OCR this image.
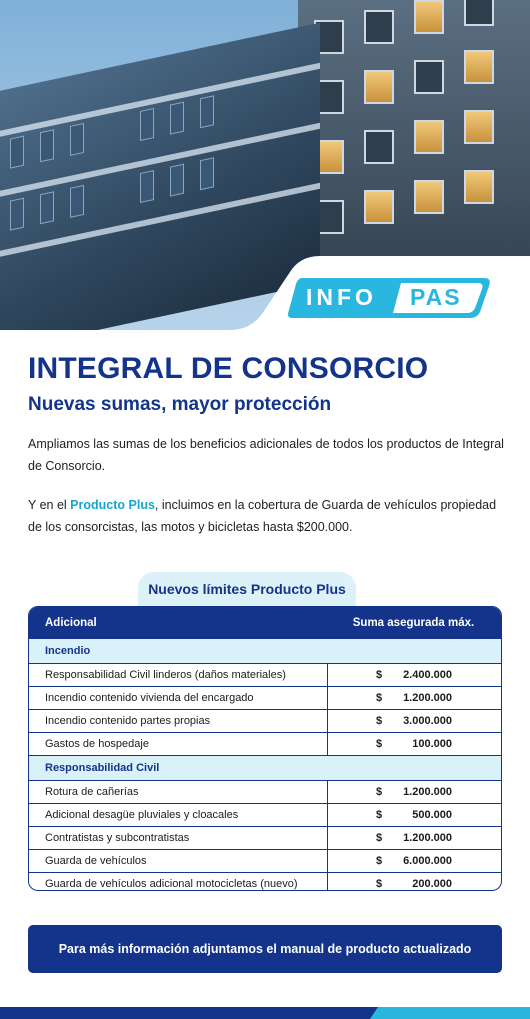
INFO PAS
INTEGRAL DE CONSORCIO
Nuevas sumas, mayor protección

Ampliamos las sumas de los beneficios adicionales de todos los productos de Integral de Consorcio.

Y en el Producto Plus, incluimos en la cobertura de Guarda de vehículos propiedad de los consorcistas, las motos y bicicletas hasta $200.000.

Nuevos límites Producto Plus
Adicional	Suma asegurada máx.
Incendio
Responsabilidad Civil linderos (daños materiales)	$ 2.400.000
Incendio contenido vivienda del encargado	$ 1.200.000
Incendio contenido partes propias	$ 3.000.000
Gastos de hospedaje	$	100.000
Responsabilidad Civil
Rotura de cañerías	$ 1.200.000
Adicional desagüe pluviales y cloacales	$	500.000
Contratistas y subcontratistas	$ 1.200.000
Guarda de vehículos	$ 6.000.000
Guarda de vehículos adicional motocicletas (nuevo)	$	200.000
Para más información adjuntamos el manual de producto actualizado
